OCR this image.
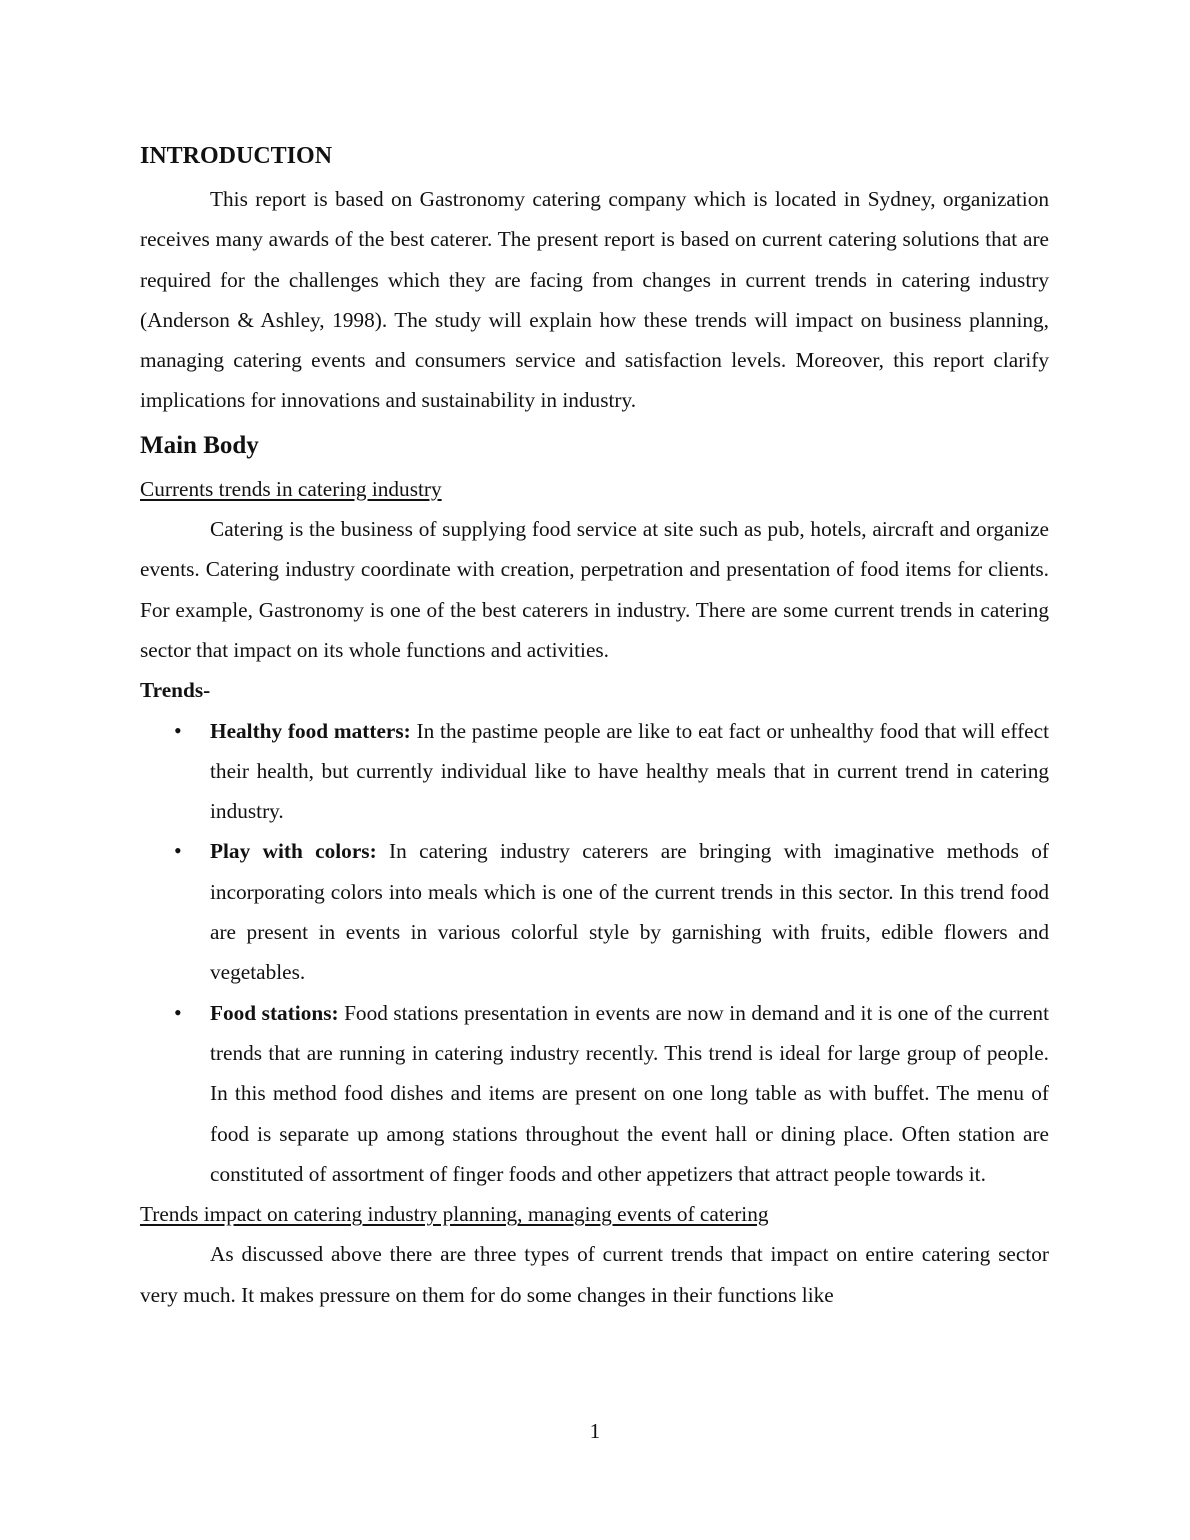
INTRODUCTION

This report is based on Gastronomy catering company which is located in Sydney, organization receives many awards of the best caterer. The present report is based on current catering solutions that are required for the challenges which they are facing from changes in current trends in catering industry (Anderson & Ashley, 1998). The study will explain how these trends will impact on business planning, managing catering events and consumers service and satisfaction levels. Moreover, this report clarify implications for innovations and sustainability in industry.

Main Body
Currents trends in catering industry

Catering is the business of supplying food service at site such as pub, hotels, aircraft and organize events. Catering industry coordinate with creation, perpetration and presentation of food items for clients. For example, Gastronomy is one of the best caterers in industry. There are some current trends in catering sector that impact on its whole functions and activities.

Trends-
• Healthy food matters: In the pastime people are like to eat fact or unhealthy food that will effect their health, but currently individual like to have healthy meals that in current trend in catering industry.
• Play with colors: In catering industry caterers are bringing with imaginative methods of incorporating colors into meals which is one of the current trends in this sector. In this trend food are present in events in various colorful style by garnishing with fruits, edible flowers and vegetables.
• Food stations: Food stations presentation in events are now in demand and it is one of the current trends that are running in catering industry recently. This trend is ideal for large group of people. In this method food dishes and items are present on one long table as with buffet. The menu of food is separate up among stations throughout the event hall or dining place. Often station are constituted of assortment of finger foods and other appetizers that attract people towards it.
Trends impact on catering industry planning, managing events of catering

As discussed above there are three types of current trends that impact on entire catering sector very much. It makes pressure on them for do some changes in their functions like

1
